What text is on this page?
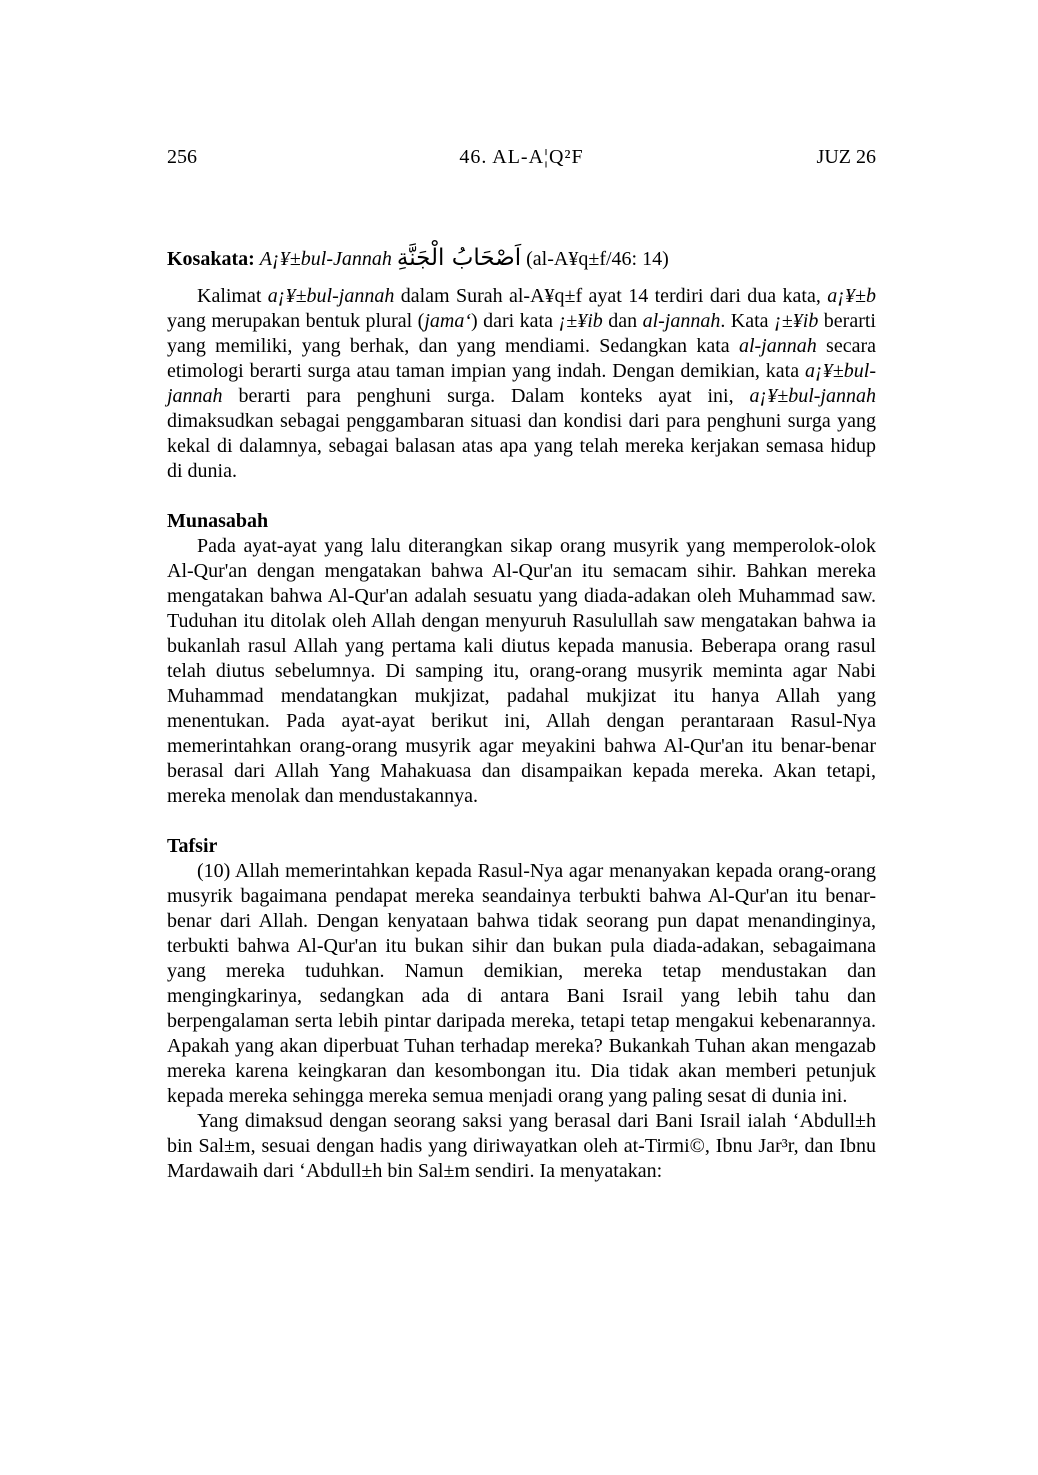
256	46. AL-A¦Q²F	JUZ 26

Kosakata: A¡¥±bul-Jannah اَصْحَابُ الْجَنَّةِ (al-A¥q±f/46: 14)

Kalimat a¡¥±bul-jannah dalam Surah al-A¥q±f ayat 14 terdiri dari dua kata, a¡¥±b yang merupakan bentuk plural (jama‘) dari kata ¡±¥ib dan al-jannah. Kata ¡±¥ib berarti yang memiliki, yang berhak, dan yang mendiami. Sedangkan kata al-jannah secara etimologi berarti surga atau taman impian yang indah. Dengan demikian, kata a¡¥±bul-jannah berarti para penghuni surga. Dalam konteks ayat ini, a¡¥±bul-jannah dimaksudkan sebagai penggambaran situasi dan kondisi dari para penghuni surga yang kekal di dalamnya, sebagai balasan atas apa yang telah mereka kerjakan semasa hidup di dunia.

Munasabah

Pada ayat-ayat yang lalu diterangkan sikap orang musyrik yang memperolok-olok Al-Qur'an dengan mengatakan bahwa Al-Qur'an itu semacam sihir. Bahkan mereka mengatakan bahwa Al-Qur'an adalah sesuatu yang diada-adakan oleh Muhammad saw. Tuduhan itu ditolak oleh Allah dengan menyuruh Rasulullah saw mengatakan bahwa ia bukanlah rasul Allah yang pertama kali diutus kepada manusia. Beberapa orang rasul telah diutus sebelumnya. Di samping itu, orang-orang musyrik meminta agar Nabi Muhammad mendatangkan mukjizat, padahal mukjizat itu hanya Allah yang menentukan. Pada ayat-ayat berikut ini, Allah dengan perantaraan Rasul-Nya memerintahkan orang-orang musyrik agar meyakini bahwa Al-Qur'an itu benar-benar berasal dari Allah Yang Mahakuasa dan disampaikan kepada mereka. Akan tetapi, mereka menolak dan mendustakannya.

Tafsir

(10) Allah memerintahkan kepada Rasul-Nya agar menanyakan kepada orang-orang musyrik bagaimana pendapat mereka seandainya terbukti bahwa Al-Qur'an itu benar-benar dari Allah. Dengan kenyataan bahwa tidak seorang pun dapat menandinginya, terbukti bahwa Al-Qur'an itu bukan sihir dan bukan pula diada-adakan, sebagaimana yang mereka tuduhkan. Namun demikian, mereka tetap mendustakan dan mengingkarinya, sedangkan ada di antara Bani Israil yang lebih tahu dan berpengalaman serta lebih pintar daripada mereka, tetapi tetap mengakui kebenarannya. Apakah yang akan diperbuat Tuhan terhadap mereka? Bukankah Tuhan akan mengazab mereka karena keingkaran dan kesombongan itu. Dia tidak akan memberi petunjuk kepada mereka sehingga mereka semua menjadi orang yang paling sesat di dunia ini.

Yang dimaksud dengan seorang saksi yang berasal dari Bani Israil ialah ‘Abdull±h bin Sal±m, sesuai dengan hadis yang diriwayatkan oleh at-Tirmi©, Ibnu Jar³r, dan Ibnu Mardawaih dari ‘Abdull±h bin Sal±m sendiri. Ia menyatakan:
